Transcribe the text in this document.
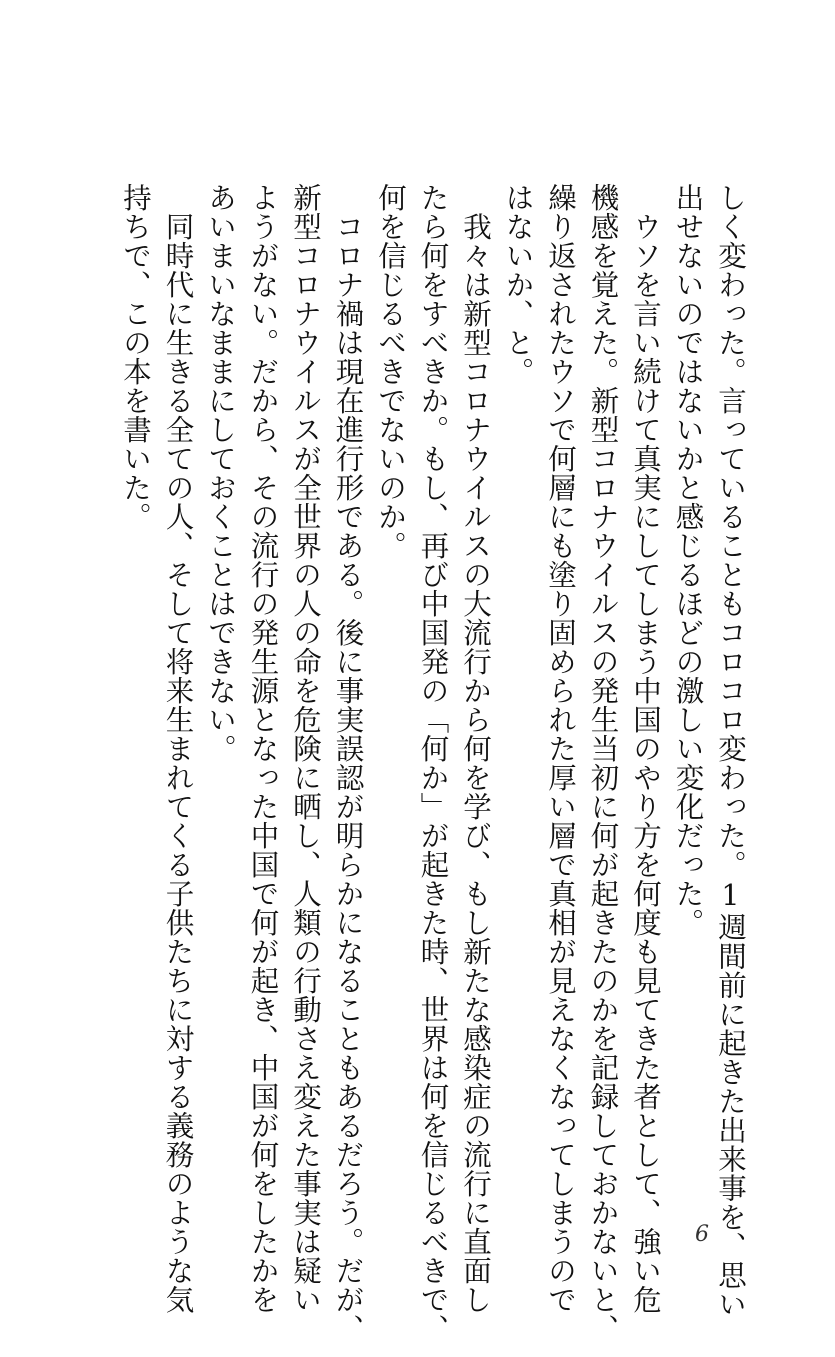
しく変わった。言っていることもコロコロ変わった。1週間前に起きた出来事を、思い
出せないのではないかと感じるほどの激しい変化だった。
　ウソを言い続けて真実にしてしまう中国のやり方を何度も見てきた者として、強い危
機感を覚えた。新型コロナウイルスの発生当初に何が起きたのかを記録しておかないと、
繰り返されたウソで何層にも塗り固められた厚い層で真相が見えなくなってしまうので
はないか、と。
　我々は新型コロナウイルスの大流行から何を学び、もし新たな感染症の流行に直面し
たら何をすべきか。もし、再び中国発の「何か」が起きた時、世界は何を信じるべきで、
何を信じるべきでないのか。
　コロナ禍は現在進行形である。後に事実誤認が明らかになることもあるだろう。だが、
新型コロナウイルスが全世界の人の命を危険に晒し、人類の行動さえ変えた事実は疑い
ようがない。だから、その流行の発生源となった中国で何が起き、中国が何をしたかを
あいまいなままにしておくことはできない。
　同時代に生きる全ての人、そして将来生まれてくる子供たちに対する義務のような気
持ちで、この本を書いた。
6
